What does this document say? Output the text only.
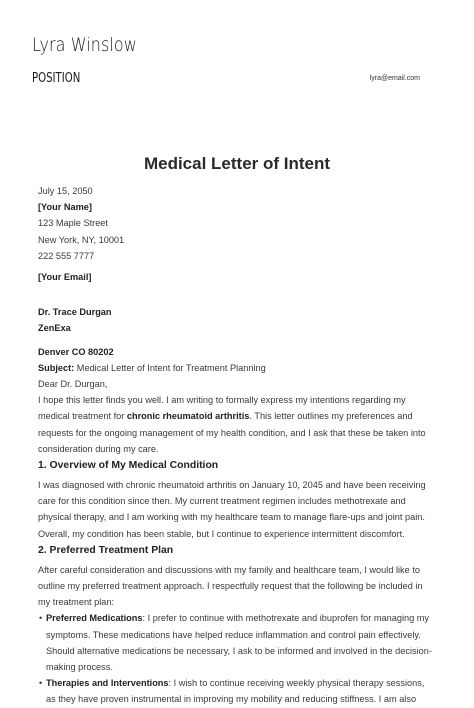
Lyra Winslow
POSITION	lyra@email.com
Medical Letter of Intent

July 15, 2050

[Your Name]

123 Maple Street

New York, NY, 10001

222 555 7777

[Your Email]

Dr. Trace Durgan

ZenExa

Denver CO 80202

Subject: Medical Letter of Intent for Treatment Planning

Dear Dr. Durgan,

I hope this letter finds you well. I am writing to formally express my intentions regarding my medical treatment for chronic rheumatoid arthritis. This letter outlines my preferences and requests for the ongoing management of my health condition, and I ask that these be taken into consideration during my care.

1. Overview of My Medical Condition

I was diagnosed with chronic rheumatoid arthritis on January 10, 2045 and have been receiving care for this condition since then. My current treatment regimen includes methotrexate and physical therapy, and I am working with my healthcare team to manage flare-ups and joint pain. Overall, my condition has been stable, but I continue to experience intermittent discomfort.

2. Preferred Treatment Plan

After careful consideration and discussions with my family and healthcare team, I would like to outline my preferred treatment approach. I respectfully request that the following be included in my treatment plan:

• Preferred Medications: I prefer to continue with methotrexate and ibuprofen for managing my symptoms. These medications have helped reduce inflammation and control pain effectively. Should alternative medications be necessary, I ask to be informed and involved in the decision-making process.
• Therapies and Interventions: I wish to continue receiving weekly physical therapy sessions, as they have proven instrumental in improving my mobility and reducing stiffness. I am also
